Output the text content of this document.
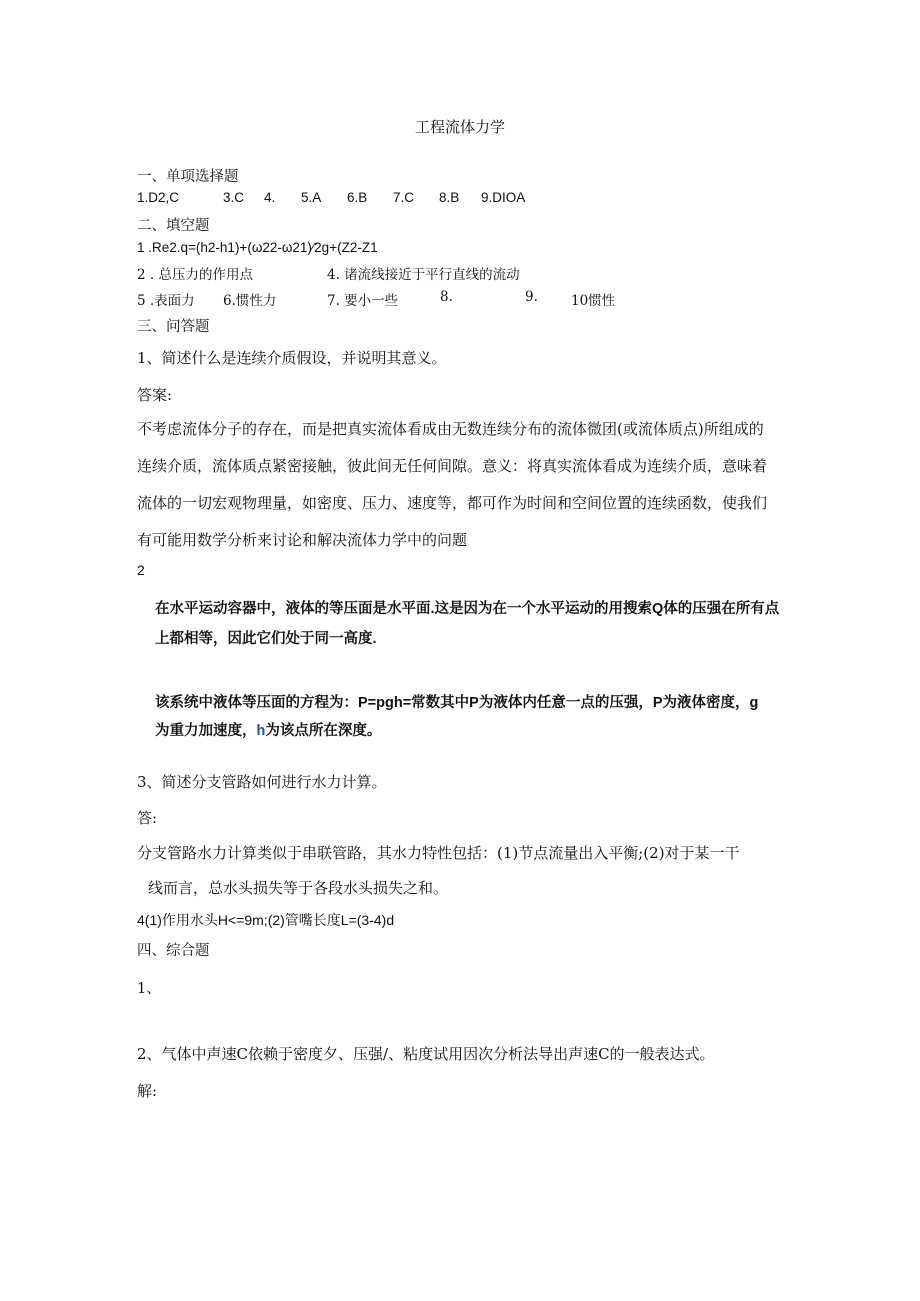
工程流体力学
一、单项选择题
1.D2,C	3.C 4. 5.A 6.B 7.C 8.B 9.DIOA
二、填空题
1 .Re2.q=(h2-h1)+(ω22-ω21)⁄2g+(Z2-Z1
2 . 总压力的作用点	4. 诸流线接近于平行直线的流动
5 .表面力 6.惯性力	7. 要小一些	8.	9. 10惯性
三、问答题
1、简述什么是连续介质假设，并说明其意义。
答案:
不考虑流体分子的存在，而是把真实流体看成由无数连续分布的流体微团(或流体质点)所组成的
连续介质，流体质点紧密接触，彼此间无任何间隙。意义：将真实流体看成为连续介质，意味着
流体的一切宏观物理量，如密度、压力、速度等，都可作为时间和空间位置的连续函数，使我们
有可能用数学分析来讨论和解决流体力学中的问题
2
在水平运动容器中，液体的等压面是水平面.这是因为在一个水平运动的用搜索Q体的压强在所有点
上都相等，因此它们处于同一高度.
该系统中液体等压面的方程为：P=pgh=常数其中P为液体内任意一点的压强，P为液体密度，g
为重力加速度，h为该点所在深度。
3、简述分支管路如何进行水力计算。
答:
分支管路水力计算类似于串联管路，其水力特性包括：(1)节点流量出入平衡;(2)对于某一干
线而言，总水头损失等于各段水头损失之和。
4(1)作用水头H<=9m;(2)管嘴长度L=(3-4)d
四、综合题
1、
2、气体中声速C依赖于密度夕、压强/、粘度试用因次分析法导出声速C的一般表达式。
解:
